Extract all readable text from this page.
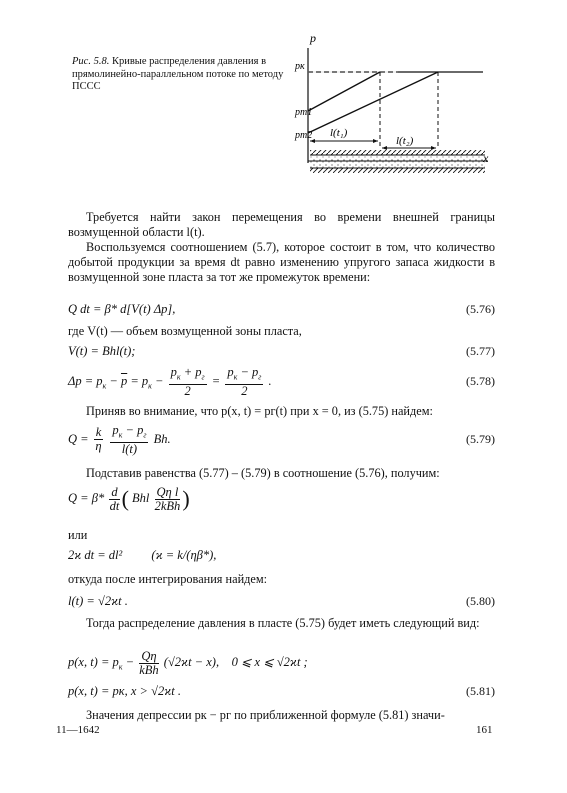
Рис. 5.8. Кривые распределения давления в прямолинейно-параллельном потоке по методу ПССС
p
pк
pт1
pт2 l(t₁)
l(t₂)
x
Требуется найти закон перемещения во времени внешней границы возмущенной области l(t).
Воспользуемся соотношением (5.7), которое состоит в том, что количество добытой продукции за время dt равно изменению упругого запаса жидкости в возмущенной зоне пласта за тот же промежуток времени:
Q dt = β* d[V(t) Δp],	(5.76)
где V(t) — объем возмущенной зоны пласта,
V(t) = Bhl(t);	(5.77)
$\Delta p = p_к - \overline{p} = p_к - \frac{p_к + p_г}{2} = \frac{p_к - p_г}{2}$ .	(5.78)
Приняв во внимание, что p(x, t) = pг(t) при x = 0, из (5.75) найдем:
$Q = \frac{k}{\eta}$
$\frac{p_к - p_г}{l(t)} Bh$.	(5.79)
Подставив равенства (5.77) – (5.79) в соотношение (5.76), получим:
$Q = \beta* \frac{d}{dt}$ ( Bhl $\frac{\text{Qη l}}{\text{2kBh}}$ )
или
2ϰ dt = dl² (ϰ = k/(ηβ*),
откуда после интегрирования найдем:
l(t) = √2ϰt .	(5.80)
Тогда распределение давления в пласте (5.75) будет иметь следующий вид:
p(x, $t) = p_к - \frac{Q\eta}{\text{kBh}} (√2ϰt - x)$,    0 ⩽ x ⩽ √2ϰt ;
p(x, t) = pк, x > √2ϰt .	(5.81)
Значения депрессии pк − pг по приближенной формуле (5.81) значи-
11—1642	161
